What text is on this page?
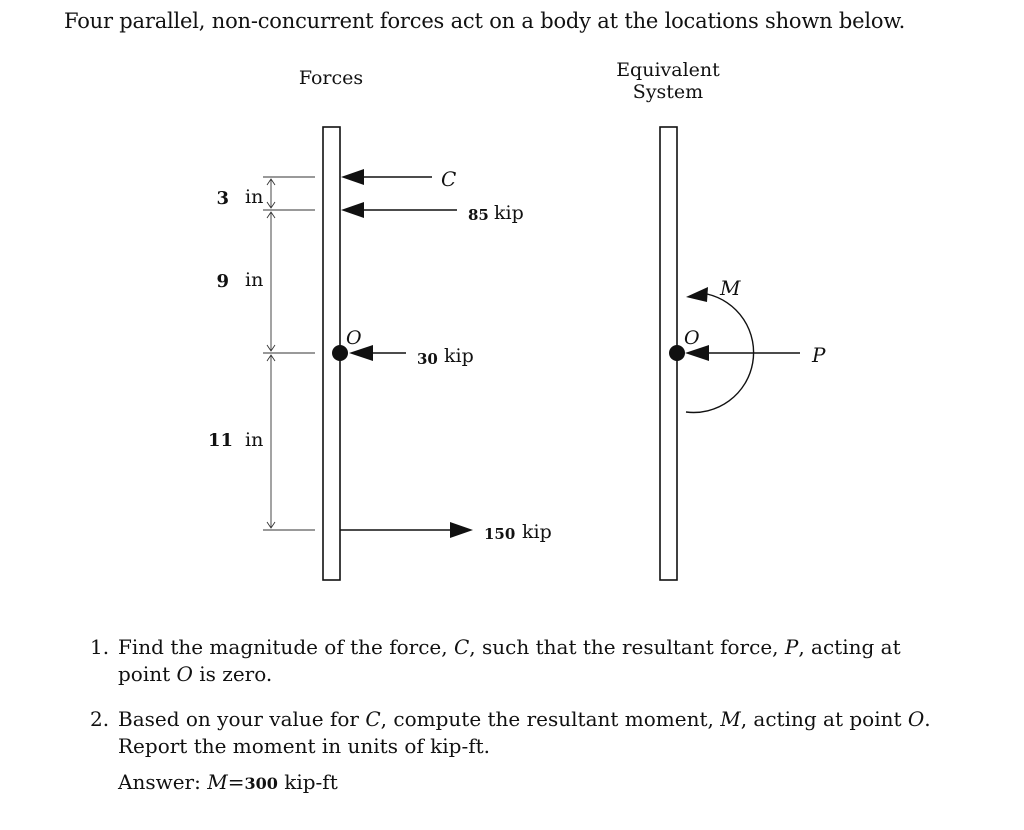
Four parallel, non-concurrent forces act on a body at the locations shown below.
Forces	Equivalent
System
3 in
9 in
11 in
C
85 kip
O
30 kip
150 kip
O
P
M
1. Find the magnitude of the force, C, such that the resultant force, P, acting at point O is zero.
2. Based on your value for C, compute the resultant moment, M, acting at point O.
Report the moment in units of kip-ft.
Answer: M=300 kip-ft
